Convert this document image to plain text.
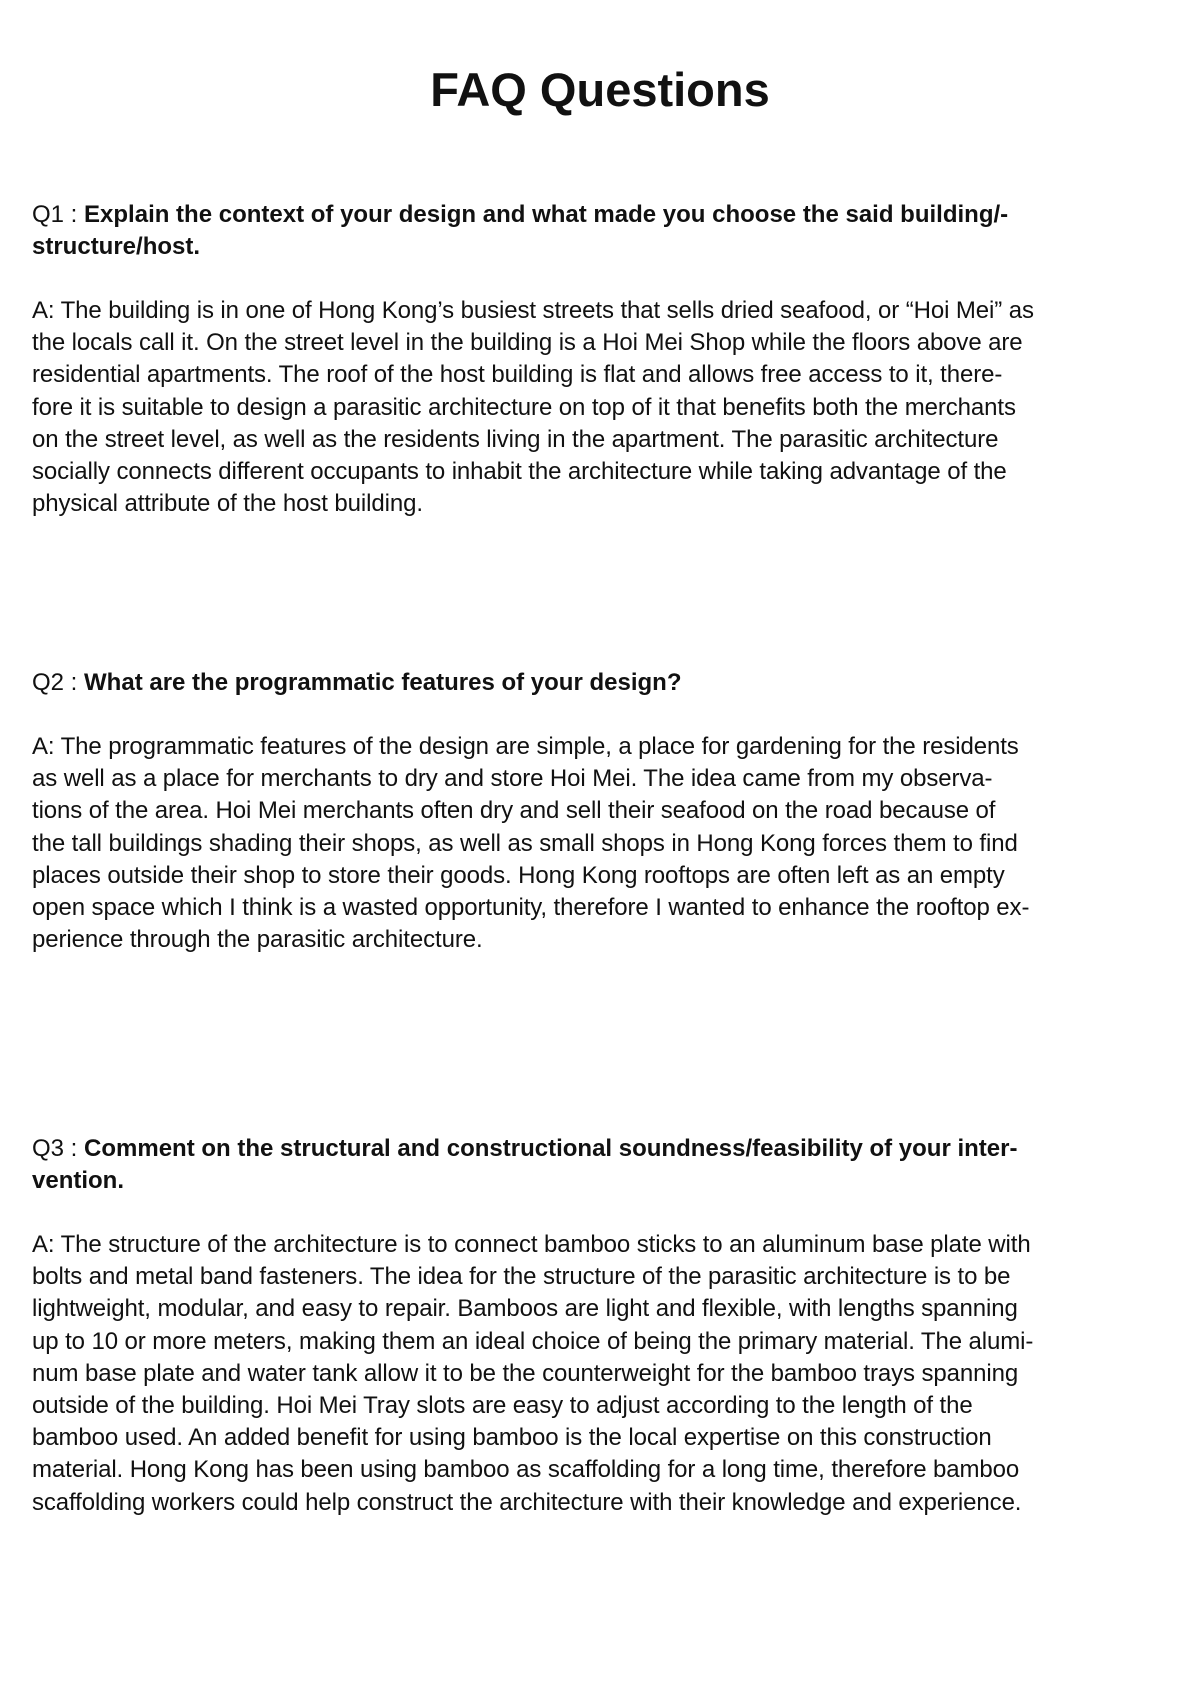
FAQ Questions

Q1 : Explain the context of your design and what made you choose the said building/-
structure/host.

A: The building is in one of Hong Kong’s busiest streets that sells dried seafood, or “Hoi Mei” as
the locals call it. On the street level in the building is a Hoi Mei Shop while the floors above are
residential apartments. The roof of the host building is flat and allows free access to it, there-
fore it is suitable to design a parasitic architecture on top of it that benefits both the merchants
on the street level, as well as the residents living in the apartment. The parasitic architecture
socially connects different occupants to inhabit the architecture while taking advantage of the
physical attribute of the host building.

Q2 : What are the programmatic features of your design?

A: The programmatic features of the design are simple, a place for gardening for the residents
as well as a place for merchants to dry and store Hoi Mei. The idea came from my observa-
tions of the area. Hoi Mei merchants often dry and sell their seafood on the road because of
the tall buildings shading their shops, as well as small shops in Hong Kong forces them to find
places outside their shop to store their goods. Hong Kong rooftops are often left as an empty
open space which I think is a wasted opportunity, therefore I wanted to enhance the rooftop ex-
perience through the parasitic architecture.

Q3 : Comment on the structural and constructional soundness/feasibility of your inter-
vention.

A: The structure of the architecture is to connect bamboo sticks to an aluminum base plate with
bolts and metal band fasteners. The idea for the structure of the parasitic architecture is to be
lightweight, modular, and easy to repair. Bamboos are light and flexible, with lengths spanning
up to 10 or more meters, making them an ideal choice of being the primary material. The alumi-
num base plate and water tank allow it to be the counterweight for the bamboo trays spanning
outside of the building. Hoi Mei Tray slots are easy to adjust according to the length of the
bamboo used. An added benefit for using bamboo is the local expertise on this construction
material. Hong Kong has been using bamboo as scaffolding for a long time, therefore bamboo
scaffolding workers could help construct the architecture with their knowledge and experience.
